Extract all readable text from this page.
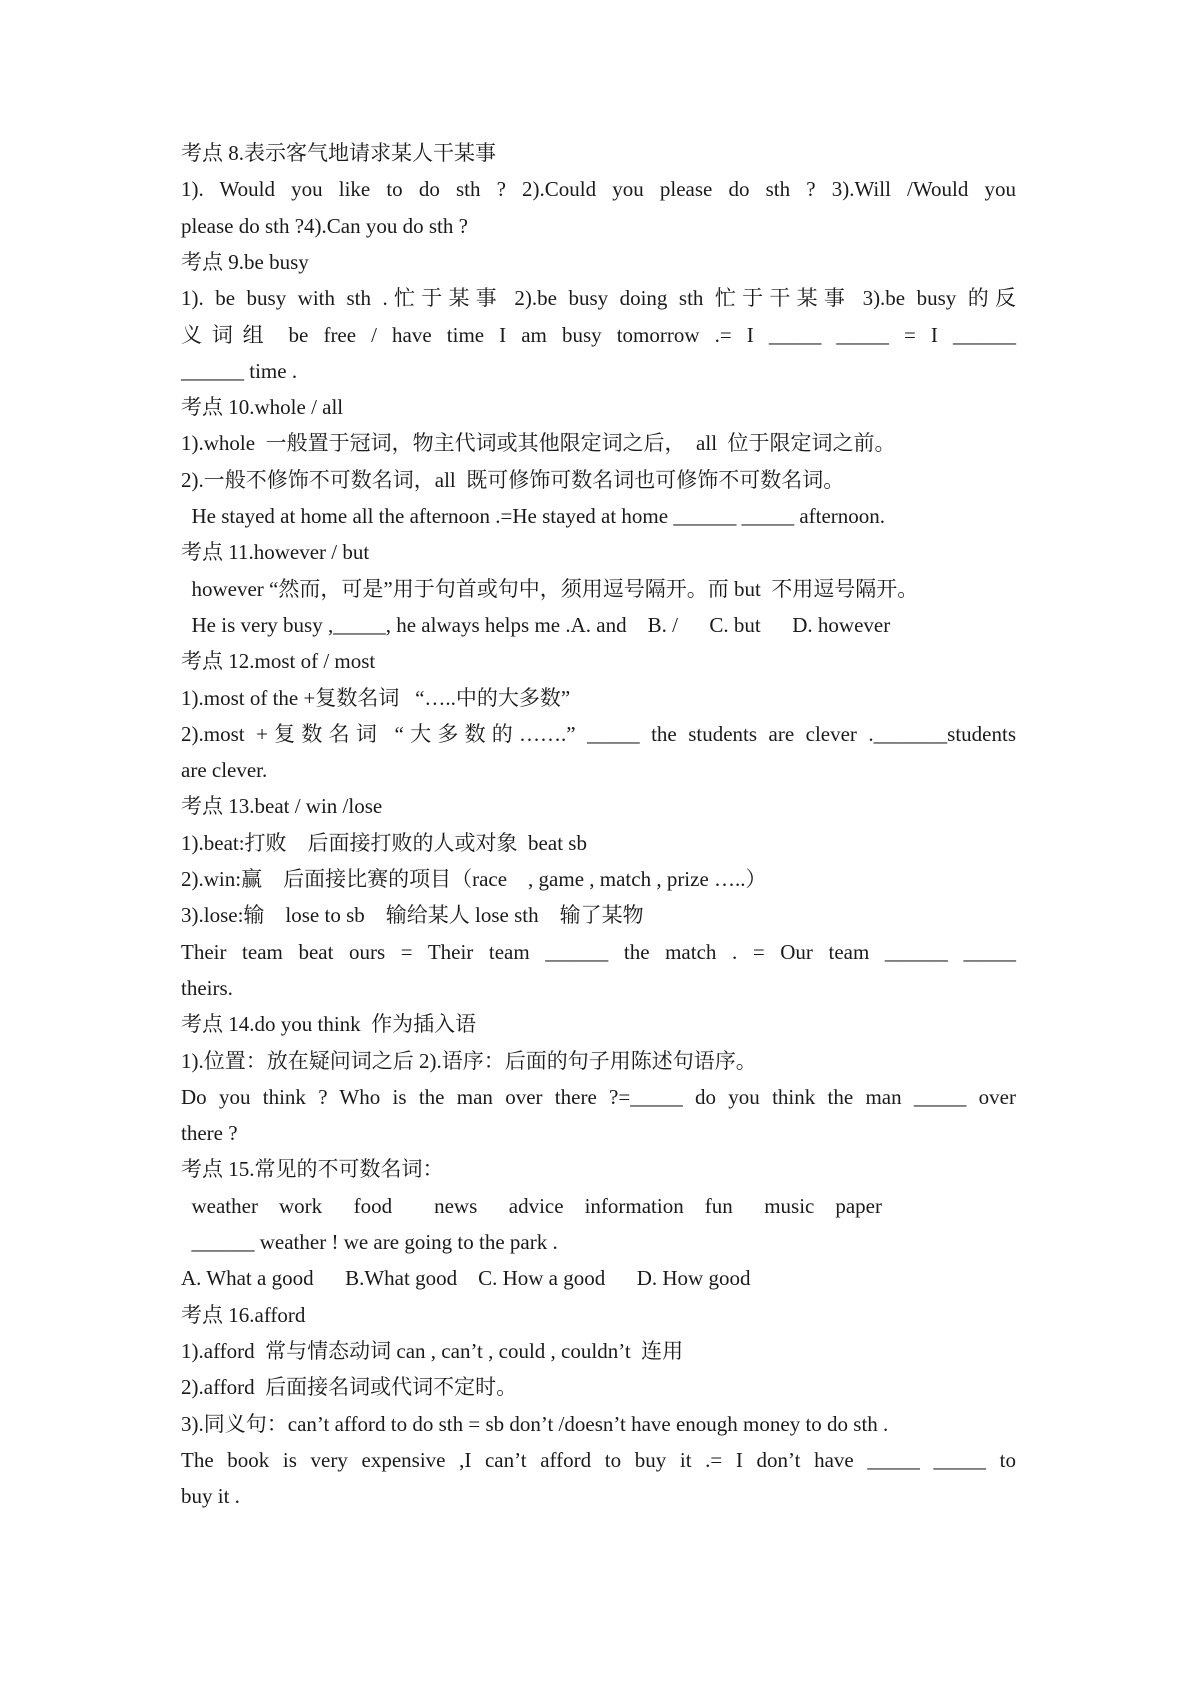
考点 8.表示客气地请求某人干某事
1). Would you like to do sth ? 2).Could you please do sth ? 3).Will /Would you
please do sth ?4).Can you do sth ?
考点 9.be busy
1). be busy with sth .忙于某事 2).be busy doing sth 忙于干某事 3).be busy 的反
义词组 be free / have time I am busy tomorrow .= I _____ _____ = I ______
______ time .
考点 10.whole / all
1).whole  一般置于冠词，物主代词或其他限定词之后，  all  位于限定词之前。
2).一般不修饰不可数名词，all  既可修饰可数名词也可修饰不可数名词。
He stayed at home all the afternoon .=He stayed at home ______ _____ afternoon.
考点 11.however / but
however “然而，可是”用于句首或句中，须用逗号隔开。而 but  不用逗号隔开。
He is very busy ,_____, he always helps me .A. and    B. /      C. but      D. however
考点 12.most of / most
1).most of the +复数名词   “…..中的大多数”
2).most +复数名词 “大多数的…….” _____ the students are clever ._______students
are clever.
考点 13.beat / win /lose
1).beat:打败    后面接打败的人或对象  beat sb
2).win:赢    后面接比赛的项目（race    , game , match , prize …..）
3).lose:输    lose to sb    输给某人 lose sth    输了某物
Their team beat ours = Their team ______ the match . = Our team ______ _____
theirs.
考点 14.do you think  作为插入语
1).位置：放在疑问词之后 2).语序：后面的句子用陈述句语序。
Do you think ? Who is the man over there ?=_____ do you think the man _____ over
there ?
考点 15.常见的不可数名词：
weather    work      food        news      advice    information    fun      music    paper
______ weather ! we are going to the park .
A. What a good      B.What good    C. How a good      D. How good
考点 16.afford
1).afford  常与情态动词 can , can’t , could , couldn’t  连用
2).afford  后面接名词或代词不定时。
3).同义句：can’t afford to do sth = sb don’t /doesn’t have enough money to do sth .
The book is very expensive ,I can’t afford to buy it .= I don’t have _____ _____ to
buy it .
